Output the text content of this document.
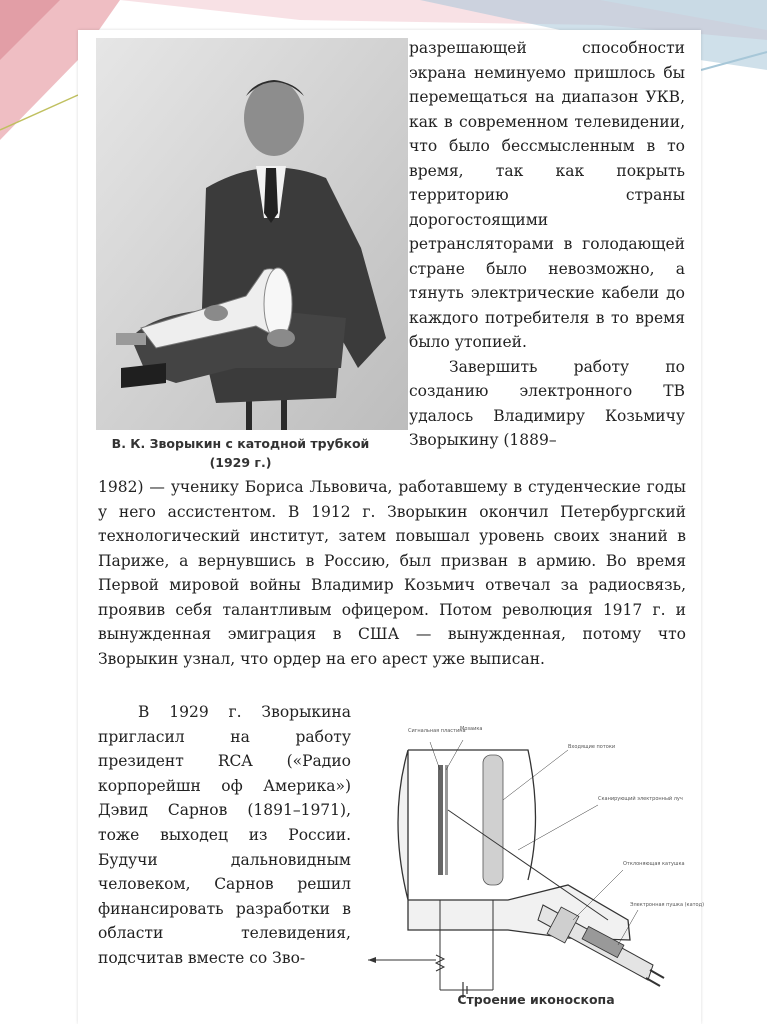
В. К. Зворыкин с катодной трубкой
(1929 г.)

разрешающей способности экрана неминуемо пришлось бы перемещаться на диапазон УКВ, как в современном телевидении, что было бессмысленным в то время, так как покрыть территорию страны дорогостоящими ретрансляторами в голодающей стране было невозможно, а тянуть электрические кабели до каждого потребителя в то время было утопией.

Завершить работу по созданию электронного ТВ удалось Владимиру Козьмичу Зворыкину (1889–

1982) — ученику Бориса Львовича, работавшему в студенческие годы у него ассистентом. В 1912 г. Зворыкин окончил Петербургский технологический институт, затем повышал уровень своих знаний в Париже, а вернувшись в Россию, был призван в армию. Во время Первой мировой войны Владимир Козьмич отвечал за радиосвязь, проявив себя талантливым офицером. Потом революция 1917 г. и вынужденная эмиграция в США — вынужденная, потому что Зворыкин узнал, что ордер на его арест уже выписан.

В 1929 г. Зворыкина пригласил на работу президент RCA («Радио корпорейшн оф Америка») Дэвид Сарнов (1891–1971), тоже выходец из России. Будучи дальновидным человеком, Сарнов решил финансировать разработки в области телевидения, подсчитав вместе со Зво-

Сигнальная пластина
Мозаика
Входящие потоки
Сканирующий электронный луч
Отклоняющая катушка
Электронная пушка (катод)
Строение иконоскопа
